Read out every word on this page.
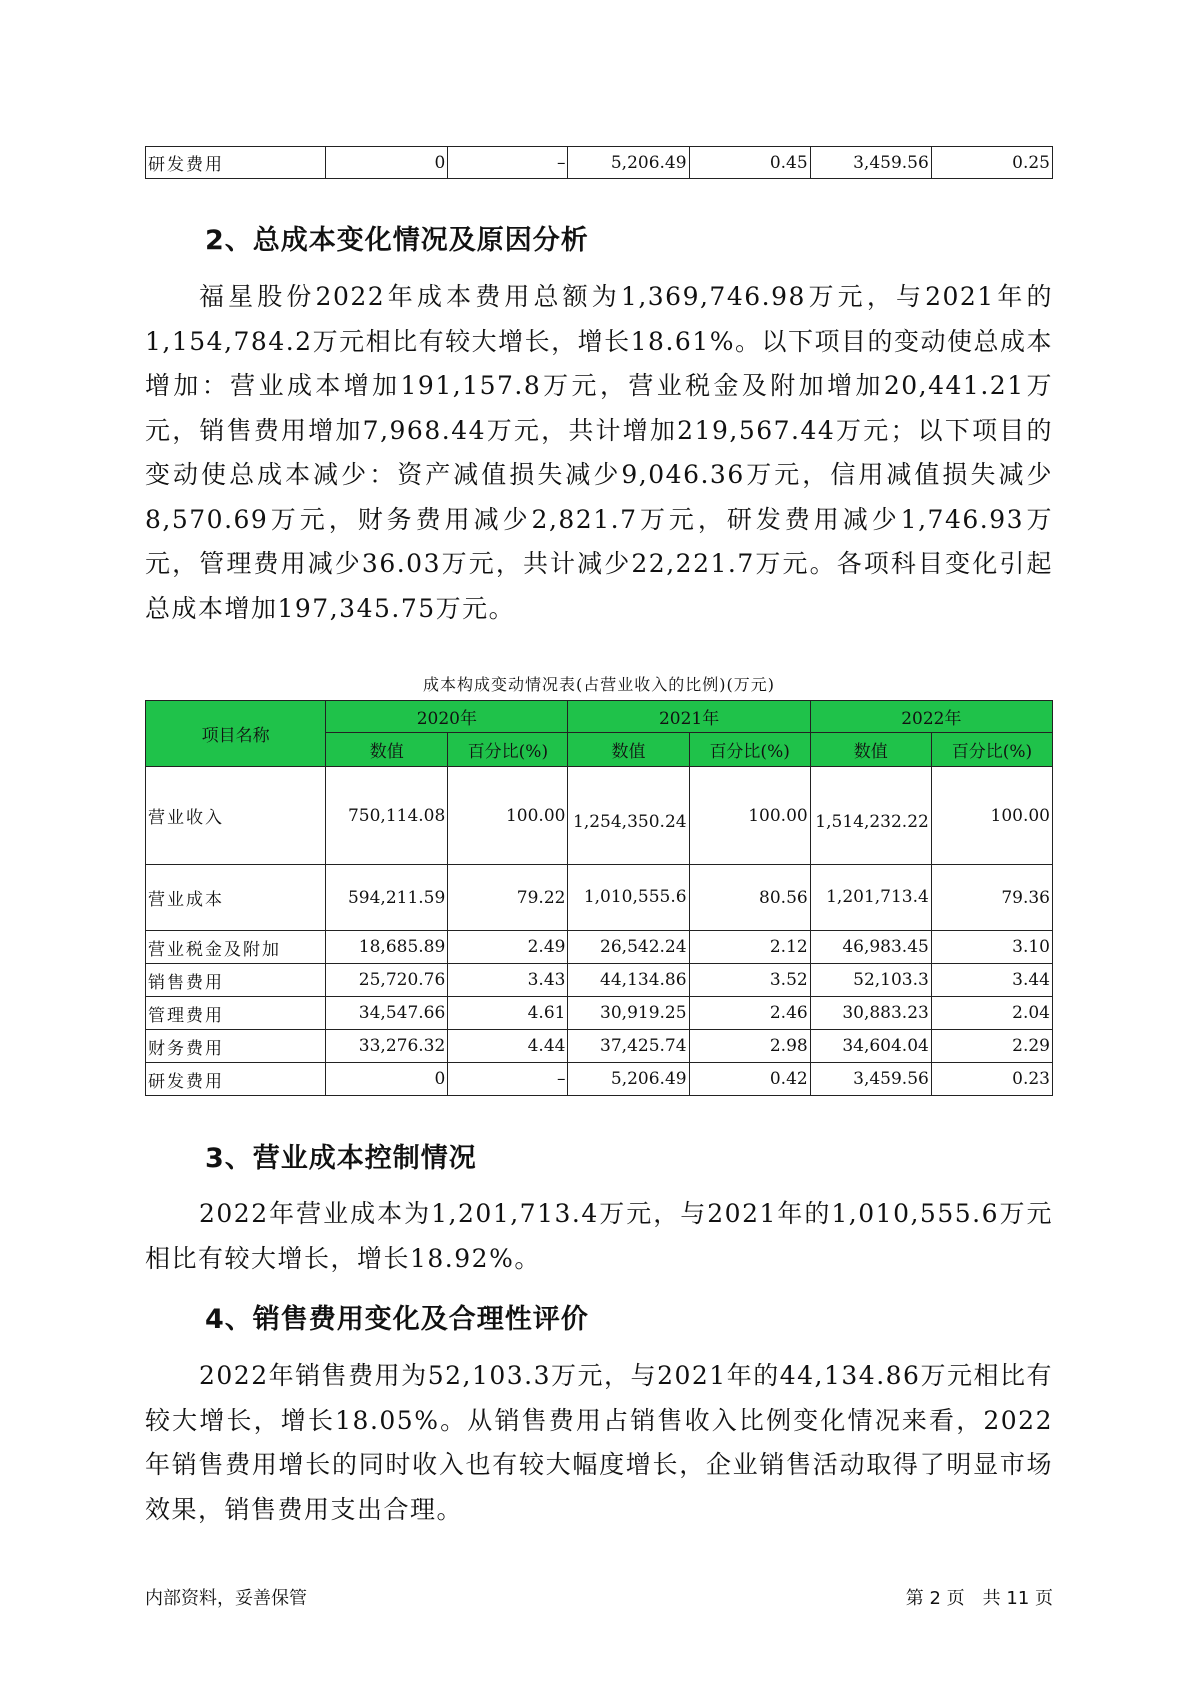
研发费用	0	–	5,206.49	0.45	3,459.56	0.25
2、总成本变化情况及原因分析

福星股份2022年成本费用总额为1,369,746.98万元，与2021年的1,154,784.2万元相比有较大增长，增长18.61%。以下项目的变动使总成本增加：营业成本增加191,157.8万元，营业税金及附加增加20,441.21万元，销售费用增加7,968.44万元，共计增加219,567.44万元；以下项目的变动使总成本减少：资产减值损失减少9,046.36万元，信用减值损失减少8,570.69万元，财务费用减少2,821.7万元，研发费用减少1,746.93万元，管理费用减少36.03万元，共计减少22,221.7万元。各项科目变化引起总成本增加197,345.75万元。

成本构成变动情况表(占营业收入的比例)(万元)
项目名称	2020年		2021年		2022年	
	数值	百分比(%)	数值	百分比(%)	数值	百分比(%)
营业收入	750,114.08	100.00	1,254,350.24	100.00	1,514,232.22	100.00
营业成本	594,211.59	79.22	1,010,555.6	80.56	1,201,713.4	79.36
营业税金及附加	18,685.89	2.49	26,542.24	2.12	46,983.45	3.10
销售费用	25,720.76	3.43	44,134.86	3.52	52,103.3	3.44
管理费用	34,547.66	4.61	30,919.25	2.46	30,883.23	2.04
财务费用	33,276.32	4.44	37,425.74	2.98	34,604.04	2.29
研发费用	0	–	5,206.49	0.42	3,459.56	0.23
3、营业成本控制情况

2022年营业成本为1,201,713.4万元，与2021年的1,010,555.6万元相比有较大增长，增长18.92%。

4、销售费用变化及合理性评价

2022年销售费用为52,103.3万元，与2021年的44,134.86万元相比有较大增长，增长18.05%。从销售费用占销售收入比例变化情况来看，2022年销售费用增长的同时收入也有较大幅度增长，企业销售活动取得了明显市场效果，销售费用支出合理。

内部资料，妥善保管	第 2 页　共 11 页
